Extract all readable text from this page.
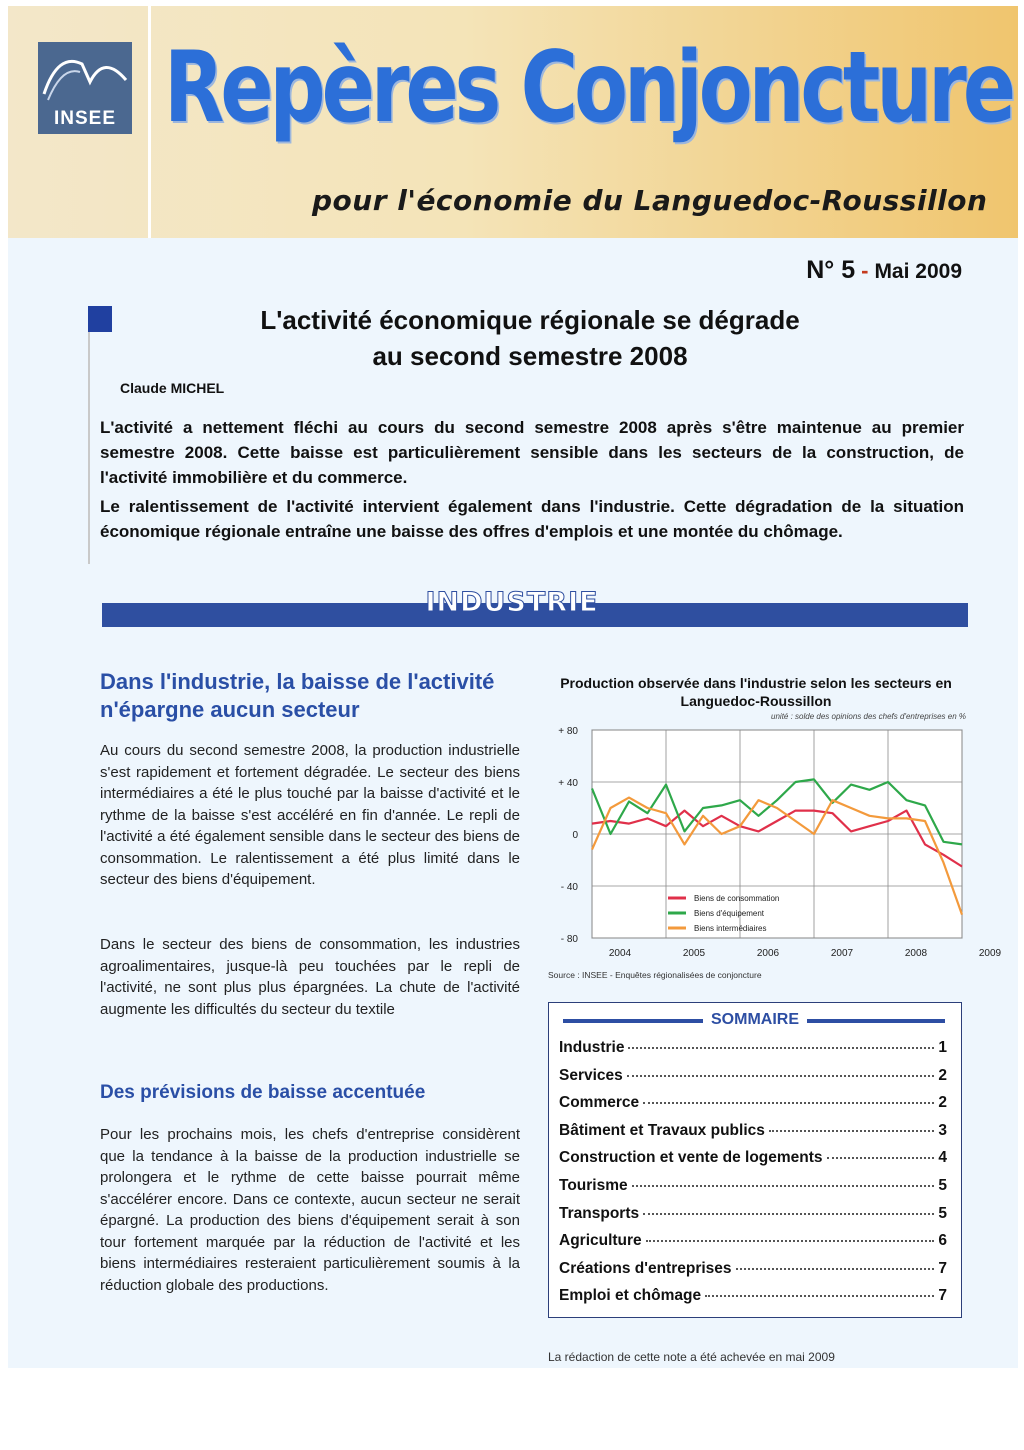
INSEE Repères Conjoncture
pour l'économie du Languedoc-Roussillon
N° 5 - Mai 2009
L'activité économique régionale se dégrade
au second semestre 2008
Claude MICHEL

L'activité a nettement fléchi au cours du second semestre 2008 après s'être maintenue au premier semestre 2008. Cette baisse est particulièrement sensible dans les secteurs de la construction, de l'activité immobilière et du commerce.

Le ralentissement de l'activité intervient également dans l'industrie. Cette dégradation de la situation économique régionale entraîne une baisse des offres d'emplois et une montée du chômage.

INDUSTRIE
Dans l'industrie, la baisse de l'activité n'épargne aucun secteur

Au cours du second semestre 2008, la production industrielle s'est rapidement et fortement dégradée. Le secteur des biens intermédiaires a été le plus touché par la baisse d'activité et le rythme de la baisse s'est accéléré en fin d'année. Le repli de l'activité a été également sensible dans le secteur des biens de consommation. Le ralentissement a été plus limité dans le secteur des biens d'équipement.

Dans le secteur des biens de consommation, les industries agroalimentaires, jusque-là peu touchées par le repli de l'activité, ne sont plus plus épargnées. La chute de l'activité augmente les difficultés du secteur du textile

Des prévisions de baisse accentuée

Pour les prochains mois, les chefs d'entreprise considèrent que la tendance à la baisse de la production industrielle se prolongera et le rythme de cette baisse pourrait même s'accélérer encore. Dans ce contexte, aucun secteur ne serait épargné. La production des biens d'équipement serait à son tour fortement marquée par la réduction de l'activité et les biens intermédiaires resteraient particulièrement soumis à la réduction globale des productions.

Production observée dans l'industrie selon les secteurs en Languedoc-Roussillon
unité : solde des opinions des chefs d'entreprises en %
+ 80
+ 40
0
- 40
- 80
2004	2005	2006	2007	2008	2009
Biens de consommation
Biens d'équipement
Biens intermédiaires
Source : INSEE - Enquêtes régionalisées de conjoncture
SOMMAIRE
Industrie	1
Services	2
Commerce	2
Bâtiment et Travaux publics	3
Construction et vente de logements	4
Tourisme	5
Transports	5
Agriculture	6
Créations d'entreprises	7
Emploi et chômage	7
La rédaction de cette note a été achevée en mai 2009
